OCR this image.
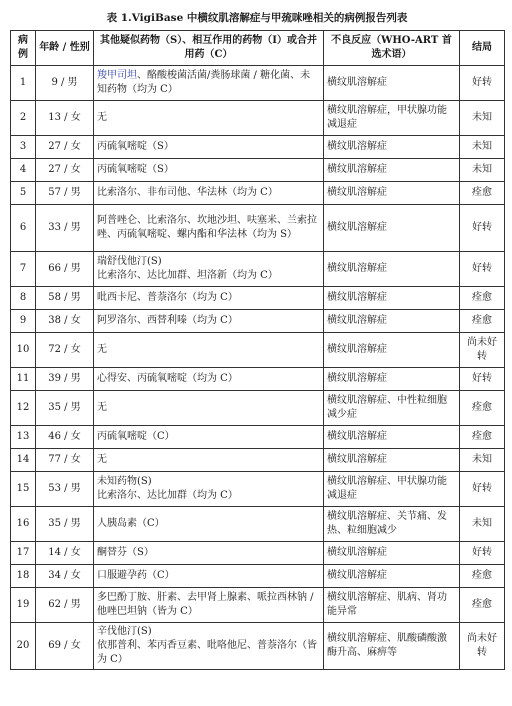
表 1.VigiBase 中横纹肌溶解症与甲巯咪唑相关的病例报告列表
病例	年龄 / 性别	其他疑似药物（S）、相互作用的药物（I）或合并用药（C）	不良反应（WHO-ART 首选术语）	结局
1	9 / 男	羧甲司坦、酪酸梭菌活菌/粪肠球菌 / 糖化菌、未知药物（均为 C）	横纹肌溶解症	好转
2	13 / 女	无	横纹肌溶解症，甲状腺功能减退症	未知
3	27 / 女	丙硫氧嘧啶（S）	横纹肌溶解症	未知
4	27 / 女	丙硫氧嘧啶（S）	横纹肌溶解症	未知
5	57 / 男	比索洛尔、非布司他、华法林（均为 C）	横纹肌溶解症	痊愈
6	33 / 男	阿普唑仑、比索洛尔、坎地沙坦、呋塞米、兰索拉唑、丙硫氧嘧啶、螺内酯和华法林（均为 S）	横纹肌溶解症	好转
7	66 / 男	瑞舒伐他汀(S)
比索洛尔、达比加群、坦洛新（均为 C）	横纹肌溶解症	好转
8	58 / 男	吡西卡尼、普萘洛尔（均为 C）	横纹肌溶解症	痊愈
9	38 / 女	阿罗洛尔、西替利嗪（均为 C）	横纹肌溶解症	痊愈
10	72 / 女	无	横纹肌溶解症	尚未好转
11	39 / 男	心得安、丙硫氧嘧啶（均为 C）	横纹肌溶解症	好转
12	35 / 男	无	横纹肌溶解症、中性粒细胞减少症	痊愈
13	46 / 女	丙硫氧嘧啶（C）	横纹肌溶解症	痊愈
14	77 / 女	无	横纹肌溶解症	未知
15	53 / 男	未知药物(S)
比索洛尔、达比加群（均为 C）	横纹肌溶解症、甲状腺功能减退症	好转
16	35 / 男	人胰岛素（C）	横纹肌溶解症、关节痛、发热、粒细胞减少	未知
17	14 / 女	酮替芬（S）	横纹肌溶解症	好转
18	34 / 女	口服避孕药（C）	横纹肌溶解症	痊愈
19	62 / 男	多巴酚丁胺、肝素、去甲肾上腺素、哌拉西林钠 / 他唑巴坦钠（皆为 C）	横纹肌溶解症、肌病、肾功能异常	痊愈
20	69 / 女	辛伐他汀(S)
依那普利、苯丙香豆素、吡咯他尼、普萘洛尔（皆为 C）	横纹肌溶解症、肌酸磷酸激酶升高、麻痹等	尚未好转
